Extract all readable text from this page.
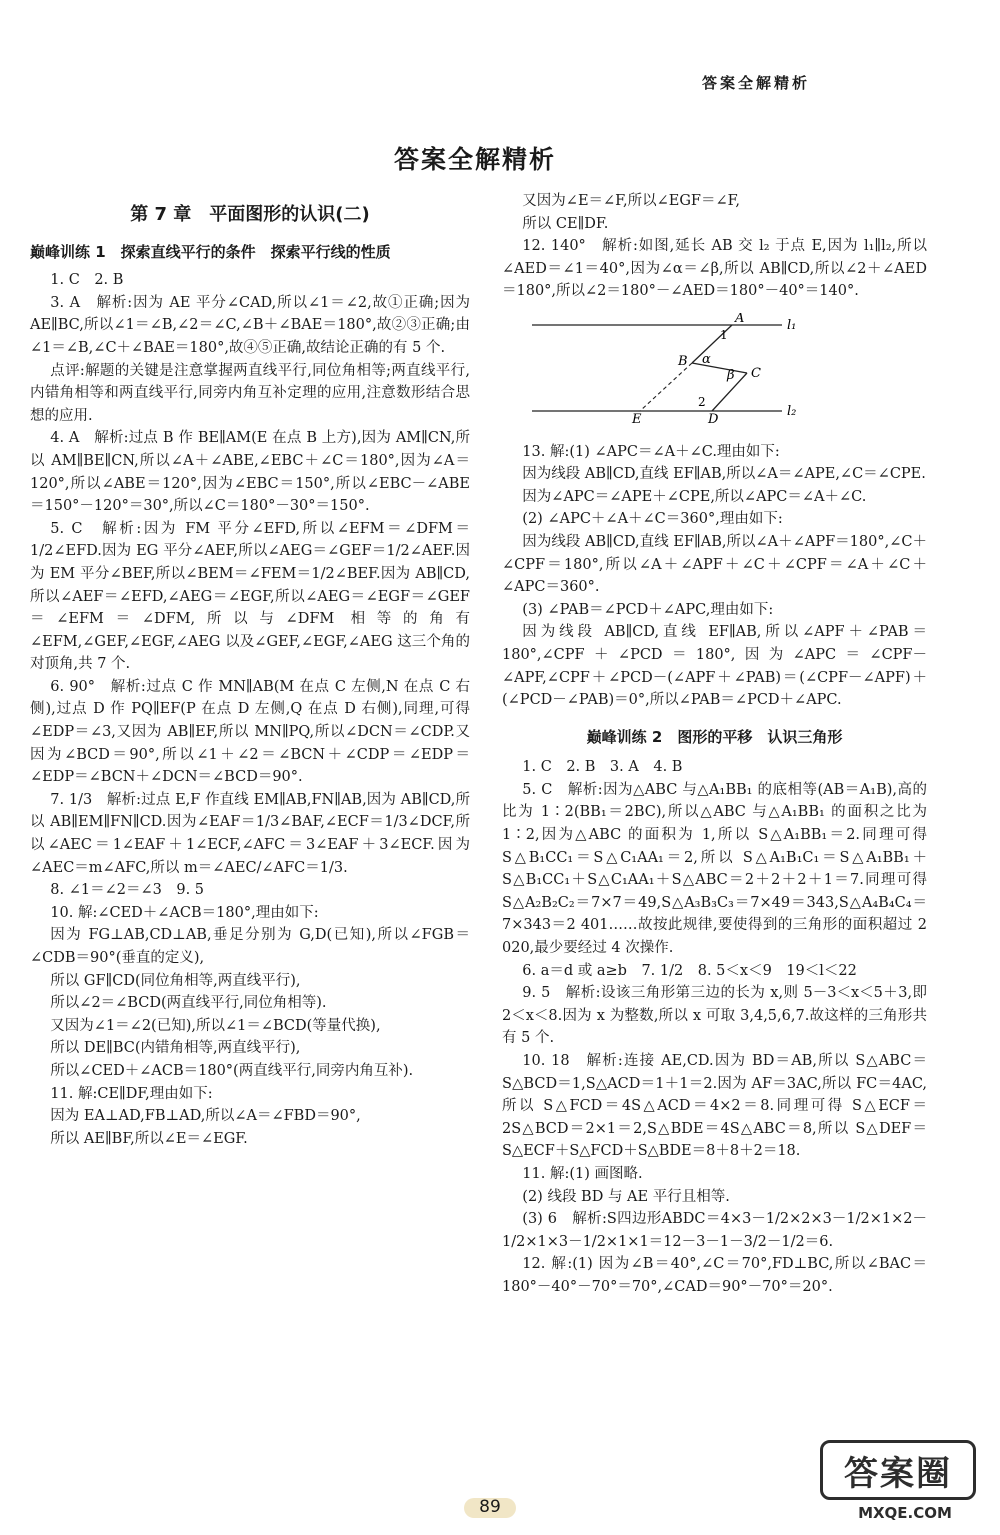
答案全解精析
答案全解精析
第 7 章　平面图形的认识(二)
巅峰训练 1　探索直线平行的条件　探索平行线的性质

1. C　2. B

3. A　解析:因为 AE 平分∠CAD,所以∠1＝∠2,故①正确;因为 AE∥BC,所以∠1＝∠B,∠2＝∠C,∠B＋∠BAE＝180°,故②③正确;由∠1＝∠B,∠C＋∠BAE＝180°,故④⑤正确,故结论正确的有 5 个.

点评:解题的关键是注意掌握两直线平行,同位角相等;两直线平行,内错角相等和两直线平行,同旁内角互补定理的应用,注意数形结合思想的应用.

4. A　解析:过点 B 作 BE∥AM(E 在点 B 上方),因为 AM∥CN,所以 AM∥BE∥CN,所以∠A＋∠ABE,∠EBC＋∠C＝180°,因为∠A＝120°,所以∠ABE＝120°,因为∠EBC＝150°,所以∠EBC－∠ABE＝150°－120°＝30°,所以∠C＝180°－30°＝150°.

5. C　解析:因为 FM 平分∠EFD,所以∠EFM＝∠DFM＝1/2∠EFD.因为 EG 平分∠AEF,所以∠AEG＝∠GEF＝1/2∠AEF.因为 EM 平分∠BEF,所以∠BEM＝∠FEM＝1/2∠BEF.因为 AB∥CD,所以∠AEF＝∠EFD,∠AEG＝∠EGF,所以∠AEG＝∠EGF＝∠GEF＝∠EFM＝∠DFM,所以与∠DFM 相等的角有∠EFM,∠GEF,∠EGF,∠AEG 以及∠GEF,∠EGF,∠AEG 这三个角的对顶角,共 7 个.

6. 90°　解析:过点 C 作 MN∥AB(M 在点 C 左侧,N 在点 C 右侧),过点 D 作 PQ∥EF(P 在点 D 左侧,Q 在点 D 右侧),同理,可得∠EDP＝∠3,又因为 AB∥EF,所以 MN∥PQ,所以∠DCN＝∠CDP.又因为∠BCD＝90°,所以∠1＋∠2＝∠BCN＋∠CDP＝∠EDP＝∠EDP＝∠BCN＋∠DCN＝∠BCD＝90°.

7. 1/3　解析:过点 E,F 作直线 EM∥AB,FN∥AB,因为 AB∥CD,所以 AB∥EM∥FN∥CD.因为∠EAF＝1/3∠BAF,∠ECF＝1/3∠DCF,所以∠AEC＝1∠EAF＋1∠ECF,∠AFC＝3∠EAF＋3∠ECF.因为∠AEC＝m∠AFC,所以 m＝∠AEC/∠AFC＝1/3.

8. ∠1＝∠2＝∠3　9. 5

10. 解:∠CED＋∠ACB＝180°,理由如下:

因为 FG⊥AB,CD⊥AB,垂足分别为 G,D(已知),所以∠FGB＝∠CDB＝90°(垂直的定义),

所以 GF∥CD(同位角相等,两直线平行),

所以∠2＝∠BCD(两直线平行,同位角相等).

又因为∠1＝∠2(已知),所以∠1＝∠BCD(等量代换),

所以 DE∥BC(内错角相等,两直线平行),

所以∠CED＋∠ACB＝180°(两直线平行,同旁内角互补).

11. 解:CE∥DF,理由如下:

因为 EA⊥AD,FB⊥AD,所以∠A＝∠FBD＝90°,

所以 AE∥BF,所以∠E＝∠EGF.

又因为∠E＝∠F,所以∠EGF＝∠F,

所以 CE∥DF.

12. 140°　解析:如图,延长 AB 交 l₂ 于点 E,因为 l₁∥l₂,所以∠AED＝∠1＝40°,因为∠α＝∠β,所以 AB∥CD,所以∠2＋∠AED＝180°,所以∠2＝180°－∠AED＝180°－40°＝140°.

A	l₁
l₂
B
C
D
E
1
α
β
2

13. 解:(1) ∠APC＝∠A＋∠C.理由如下:

因为线段 AB∥CD,直线 EF∥AB,所以∠A＝∠APE,∠C＝∠CPE.

因为∠APC＝∠APE＋∠CPE,所以∠APC＝∠A＋∠C.

(2) ∠APC＋∠A＋∠C＝360°,理由如下:

因为线段 AB∥CD,直线 EF∥AB,所以∠A＋∠APF＝180°,∠C＋∠CPF＝180°,所以∠A＋∠APF＋∠C＋∠CPF＝∠A＋∠C＋∠APC＝360°.

(3) ∠PAB＝∠PCD＋∠APC,理由如下:

因为线段 AB∥CD,直线 EF∥AB,所以∠APF＋∠PAB＝180°,∠CPF＋∠PCD＝180°,因为∠APC＝∠CPF－∠APF,∠CPF＋∠PCD－(∠APF＋∠PAB)＝(∠CPF－∠APF)＋(∠PCD－∠PAB)＝0°,所以∠PAB＝∠PCD＋∠APC.

巅峰训练 2　图形的平移　认识三角形

1. C　2. B　3. A　4. B

5. C　解析:因为△ABC 与△A₁BB₁ 的底相等(AB＝A₁B),高的比为 1∶2(BB₁＝2BC),所以△ABC 与△A₁BB₁ 的面积之比为 1∶2,因为△ABC 的面积为 1,所以 S△A₁BB₁＝2.同理可得 S△B₁CC₁＝S△C₁AA₁＝2,所以 S△A₁B₁C₁＝S△A₁BB₁＋S△B₁CC₁＋S△C₁AA₁＋S△ABC＝2＋2＋2＋1＝7.同理可得 S△A₂B₂C₂＝7×7＝49,S△A₃B₃C₃＝7×49＝343,S△A₄B₄C₄＝7×343＝2 401……故按此规律,要使得到的三角形的面积超过 2 020,最少要经过 4 次操作.

6. a＝d 或 a≥b　7. 1/2　8. 5＜x＜9　19＜l＜22

9. 5　解析:设该三角形第三边的长为 x,则 5－3＜x＜5＋3,即 2＜x＜8.因为 x 为整数,所以 x 可取 3,4,5,6,7.故这样的三角形共有 5 个.

10. 18　解析:连接 AE,CD.因为 BD＝AB,所以 S△ABC＝S△BCD＝1,S△ACD＝1＋1＝2.因为 AF＝3AC,所以 FC＝4AC,所以 S△FCD＝4S△ACD＝4×2＝8.同理可得 S△ECF＝2S△BCD＝2×1＝2,S△BDE＝4S△ABC＝8,所以 S△DEF＝S△ECF＋S△FCD＋S△BDE＝8＋8＋2＝18.

11. 解:(1) 画图略.

(2) 线段 BD 与 AE 平行且相等.

(3) 6　解析:S四边形ABDC＝4×3－1/2×2×3－1/2×1×2－1/2×1×3－1/2×1×1＝12－3－1－3/2－1/2＝6.

12. 解:(1) 因为∠B＝40°,∠C＝70°,FD⊥BC,所以∠BAC＝180°－40°－70°＝70°,∠CAD＝90°－70°＝20°.

89
答案圈
MXQE.COM
